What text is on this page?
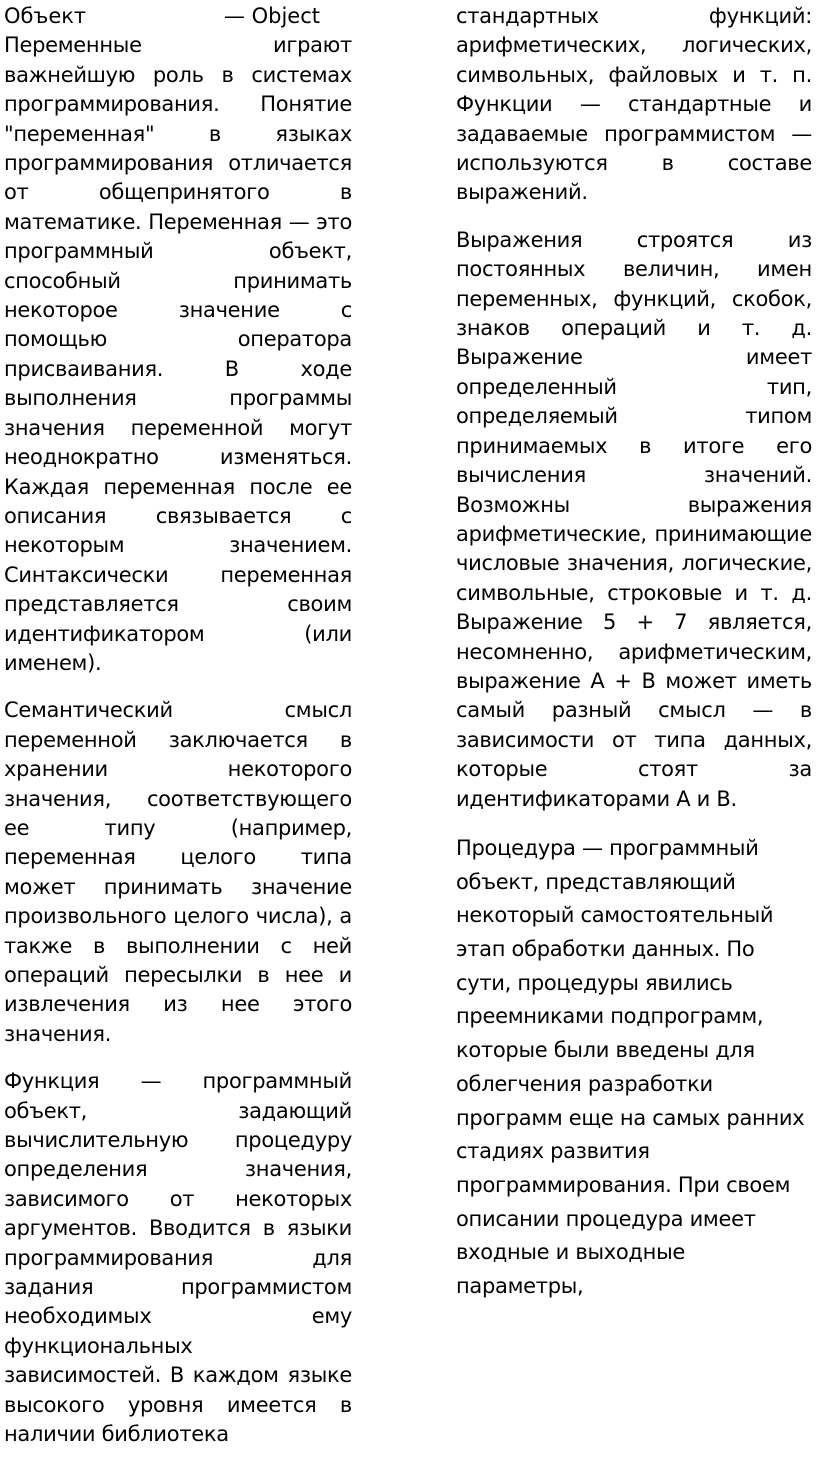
Объект	— Object

Переменные играют важнейшую роль в системах программирования. Понятие "переменная" в языках программирования отличается от общепринятого в математике. Переменная — это программный объект, способный принимать некоторое значение с помощью оператора присваивания. В ходе выполнения программы значения переменной могут неоднократно изменяться. Каждая переменная после ее описания связывается с некоторым значением. Синтаксически переменная представляется своим идентификатором (или именем).

Семантический смысл переменной заключается в хранении некоторого значения, соответствующего ее типу (например, переменная целого типа может принимать значение произвольного целого числа), а также в выполнении с ней операций пересылки в нее и извлечения из нее этого значения.

Функция — программный объект, задающий вычислительную процедуру определения значения, зависимого от некоторых аргументов. Вводится в языки программирования для задания программистом необходимых ему функциональных зависимостей. В каждом языке высокого уровня имеется в наличии библиотека

стандартных функций: арифметических, логических, символьных, файловых и т. п. Функции — стандартные и задаваемые программистом — используются в составе выражений.

Выражения строятся из постоянных величин, имен переменных, функций, скобок, знаков операций и т. д. Выражение имеет определенный тип, определяемый типом принимаемых в итоге его вычисления значений. Возможны выражения арифметические, принимающие числовые значения, логические, символьные, строковые и т. д. Выражение 5 + 7 является, несомненно, арифметическим, выражение А + В может иметь самый разный смысл — в зависимости от типа данных, которые стоят за идентификаторами А и В.

Процедура — программный объект, представляющий некоторый самостоятельный этап обработки данных. По сути, процедуры явились преемниками подпрограмм, которые были введены для облегчения разработки программ еще на самых ранних стадиях развития программирования. При своем описании процедура имеет входные и выходные параметры,
